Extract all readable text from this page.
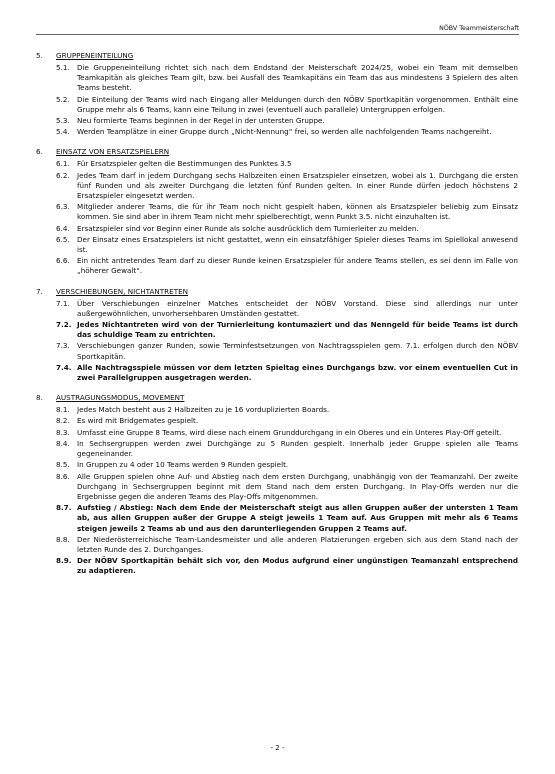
NÖBV Teammeisterschaft
5.	GRUPPENEINTEILUNG
5.1.	Die Gruppeneinteilung richtet sich nach dem Endstand der Meisterschaft 2024/25, wobei ein Team mit demselben Teamkapitän als gleiches Team gilt, bzw. bei Ausfall des Teamkapitäns ein Team das aus mindestens 3 Spielern des alten Teams besteht.
5.2.	Die Einteilung der Teams wird nach Eingang aller Meldungen durch den NÖBV Sportkapitän vorgenommen. Enthält eine Gruppe mehr als 6 Teams, kann eine Teilung in zwei (eventuell auch parallele) Untergruppen erfolgen.
5.3.	Neu formierte Teams beginnen in der Regel in der untersten Gruppe.
5.4.	Werden Teamplätze in einer Gruppe durch „Nicht-Nennung“ frei, so werden alle nachfolgenden Teams nachgereiht.
6.	EINSATZ VON ERSATZSPIELERN
6.1.	Für Ersatzspieler gelten die Bestimmungen des Punktes 3.5
6.2.	Jedes Team darf in jedem Durchgang sechs Halbzeiten einen Ersatzspieler einsetzen, wobei als 1. Durchgang die ersten fünf Runden und als zweiter Durchgang die letzten fünf Runden gelten. In einer Runde dürfen jedoch höchstens 2 Ersatzspieler eingesetzt werden.
6.3.	Mitglieder anderer Teams, die für ihr Team noch nicht gespielt haben, können als Ersatzspieler beliebig zum Einsatz kommen. Sie sind aber in ihrem Team nicht mehr spielberechtigt, wenn Punkt 3.5. nicht einzuhalten ist.
6.4.	Ersatzspieler sind vor Beginn einer Runde als solche ausdrücklich dem Turnierleiter zu melden.
6.5.	Der Einsatz eines Ersatzspielers ist nicht gestattet, wenn ein einsatzfähiger Spieler dieses Teams im Spiellokal anwesend ist.
6.6.	Ein nicht antretendes Team darf zu dieser Runde keinen Ersatzspieler für andere Teams stellen, es sei denn im Falle von „höherer Gewalt“.
7.	VERSCHIEBUNGEN, NICHTANTRETEN
7.1.	Über Verschiebungen einzelner Matches entscheidet der NÖBV Vorstand. Diese sind allerdings nur unter außergewöhnlichen, unvorhersehbaren Umständen gestattet.
7.2. Jedes Nichtantreten wird von der Turnierleitung kontumaziert und das Nenngeld für beide Teams ist durch das schuldige Team zu entrichten.
7.3.	Verschiebungen ganzer Runden, sowie Terminfestsetzungen von Nachtragsspielen gem. 7.1. erfolgen durch den NÖBV Sportkapitän.
7.4. Alle Nachtragsspiele müssen vor dem letzten Spieltag eines Durchgangs bzw. vor einem eventuellen Cut in zwei Parallelgruppen ausgetragen werden.
8.	AUSTRAGUNGSMODUS, MOVEMENT
8.1.	Jedes Match besteht aus 2 Halbzeiten zu je 16 vorduplizierten Boards.
8.2.	Es wird mit Bridgemates gespielt.
8.3.	Umfasst eine Gruppe 8 Teams, wird diese nach einem Grunddurchgang in ein Oberes und ein Unteres Play-Off geteilt.
8.4.	In Sechsergruppen werden zwei Durchgänge zu 5 Runden gespielt. Innerhalb jeder Gruppe spielen alle Teams gegeneinander.
8.5.	In Gruppen zu 4 oder 10 Teams werden 9 Runden gespielt.
8.6.	Alle Gruppen spielen ohne Auf- und Abstieg nach dem ersten Durchgang, unabhängig von der Teamanzahl. Der zweite Durchgang in Sechsergruppen beginnt mit dem Stand nach dem ersten Durchgang. In Play-Offs werden nur die Ergebnisse gegen die anderen Teams des Play-Offs mitgenommen.
8.7. Aufstieg / Abstieg: Nach dem Ende der Meisterschaft steigt aus allen Gruppen außer der untersten 1 Team ab, aus allen Gruppen außer der Gruppe A steigt jeweils 1 Team auf. Aus Gruppen mit mehr als 6 Teams steigen jeweils 2 Teams ab und aus den darunterliegenden Gruppen 2 Teams auf.
8.8.	Der Niederösterreichische Team-Landesmeister und alle anderen Platzierungen ergeben sich aus dem Stand nach der letzten Runde des 2. Durchganges.
8.9. Der NÖBV Sportkapitän behält sich vor, den Modus aufgrund einer ungünstigen Teamanzahl entsprechend zu adaptieren.
- 2 -
